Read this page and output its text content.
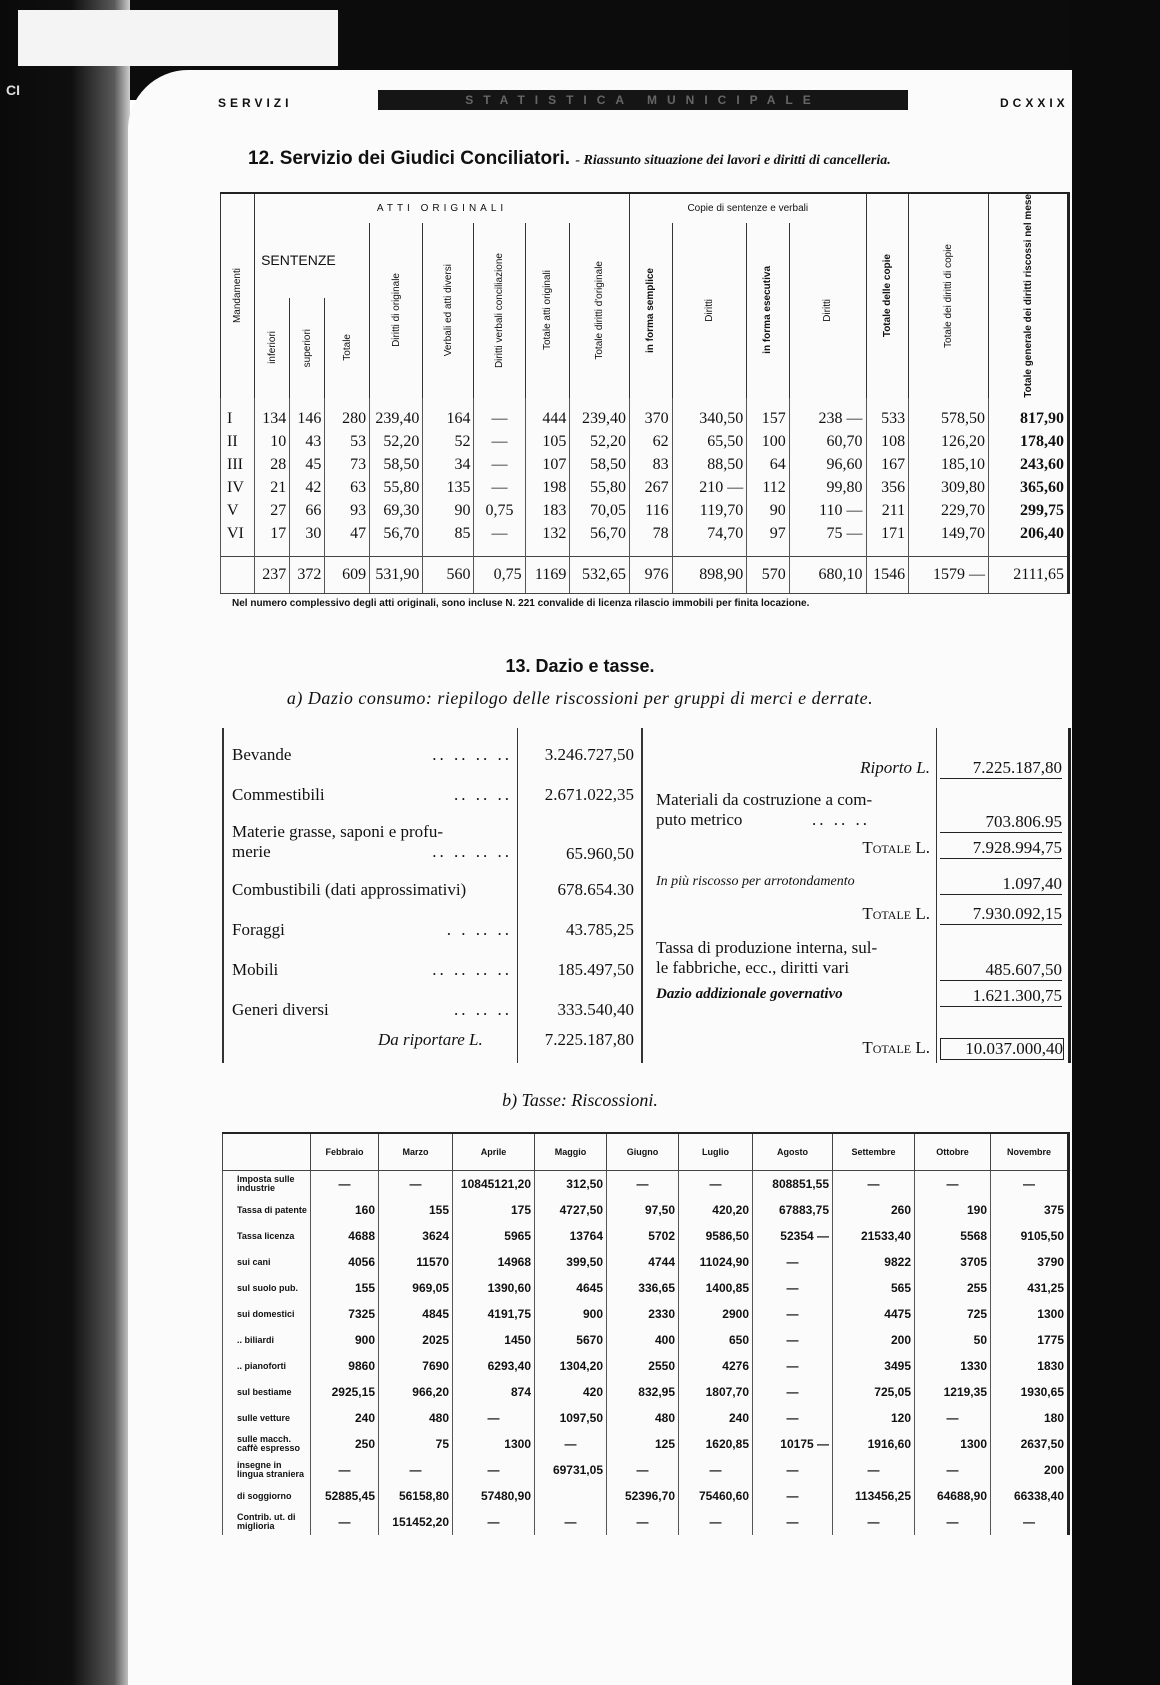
CI
SERVIZI	STATISTICA MUNICIPALE	DCXXIX
12. Servizio dei Giudici Conciliatori. - Riassunto situazione dei lavori e diritti di cancelleria.
Mandamenti	ATTI ORIGINALI								Copie di sentenze e verbali				Totale delle copie	Totale dei diritti di copie	Totale generale dei diritti riscossi nel mese

	SENTENZE			Diritti di originale	Verbali ed atti diversi	Diritti verbali conciliazione	Totale atti originali	Totale diritti d'originale	in forma semplice	Diritti	in forma esecutiva	Diritti			

	inferiori	superiori	Totale												

I	134	146	280	239,40	164	—	444	239,40	370	340,50	157	238 —	533	578,50	817,90
II	10	43	53	52,20	52	—	105	52,20	62	65,50	100	60,70	108	126,20	178,40
III	28	45	73	58,50	34	—	107	58,50	83	88,50	64	96,60	167	185,10	243,60
IV	21	42	63	55,80	135	—	198	55,80	267	210 —	112	99,80	356	309,80	365,60
V	27	66	93	69,30	90	0,75	183	70,05	116	119,70	90	110 —	211	229,70	299,75
VI	17	30	47	56,70	85	—	132	56,70	78	74,70	97	75 —	171	149,70	206,40

	237	372	609	531,90	560	0,75	1169	532,65	976	898,90	570	680,10	1546	1579 —	2111,65
Nel numero complessivo degli atti originali, sono incluse N. 221 convalide di licenza rilascio immobili per finita locazione.
13. Dazio e tasse.
a) Dazio consumo: riepilogo delle riscossioni per gruppi di merci e derrate.
Bevande	.. .. .. ..	3.246.727,50
Commestibili	.. .. ..	2.671.022,35
Materie grasse, saponi e profu-
merie	.. .. .. ..	65.960,50
Combustibili (dati approssimativi)	678.654.30
Foraggi	. . .. ..	43.785,25
Mobili	.. .. .. ..	185.497,50
Generi diversi	.. .. ..	333.540,40
Da riportare L.	7.225.187,80
Riporto L.	7.225.187,80
Materiali da costruzione a com-
puto metrico	.. .. ..	703.806.95
Totale L.	7.928.994,75
In più riscosso per arrotondamento	1.097,40
Totale L.	7.930.092,15
Tassa di produzione interna, sul-
le fabbriche, ecc., diritti vari	485.607,50
Dazio addizionale governativo	1.621.300,75
Totale L.	10.037.000,40
b) Tasse: Riscossioni.
	Febbraio	Marzo	Aprile	Maggio	Giugno	Luglio	Agosto	Settembre	Ottobre	Novembre
Imposta sulle industrie	—	—	10845121,20	312,50	—	—	808851,55	—	—	—
Tassa di patente	160	155	175	4727,50	97,50	420,20	67883,75	260	190	375
Tassa licenza	4688	3624	5965	13764	5702	9586,50	52354 —	21533,40	5568	9105,50
sui cani	4056	11570	14968	399,50	4744	11024,90	—	9822	3705	3790
sul suolo pub.	155	969,05	1390,60	4645	336,65	1400,85	—	565	255	431,25
sui domestici	7325	4845	4191,75	900	2330	2900	—	4475	725	1300
.. biliardi	900	2025	1450	5670	400	650	—	200	50	1775
.. pianoforti	9860	7690	6293,40	1304,20	2550	4276	—	3495	1330	1830
sul bestiame	2925,15	966,20	874	420	832,95	1807,70	—	725,05	1219,35	1930,65
sulle vetture	240	480	—	1097,50	480	240	—	120	—	180
sulle macch. caffè espresso	250	75	1300	—	125	1620,85	10175 —	1916,60	1300	2637,50
insegne in lingua straniera	—	—	—	69731,05	—	—	—	—	—	200
di soggiorno	52885,45	56158,80	57480,90		52396,70	75460,60	—	113456,25	64688,90	66338,40
Contrib. ut. di miglioria	—	151452,20	—	—	—	—	—	—	—	—
